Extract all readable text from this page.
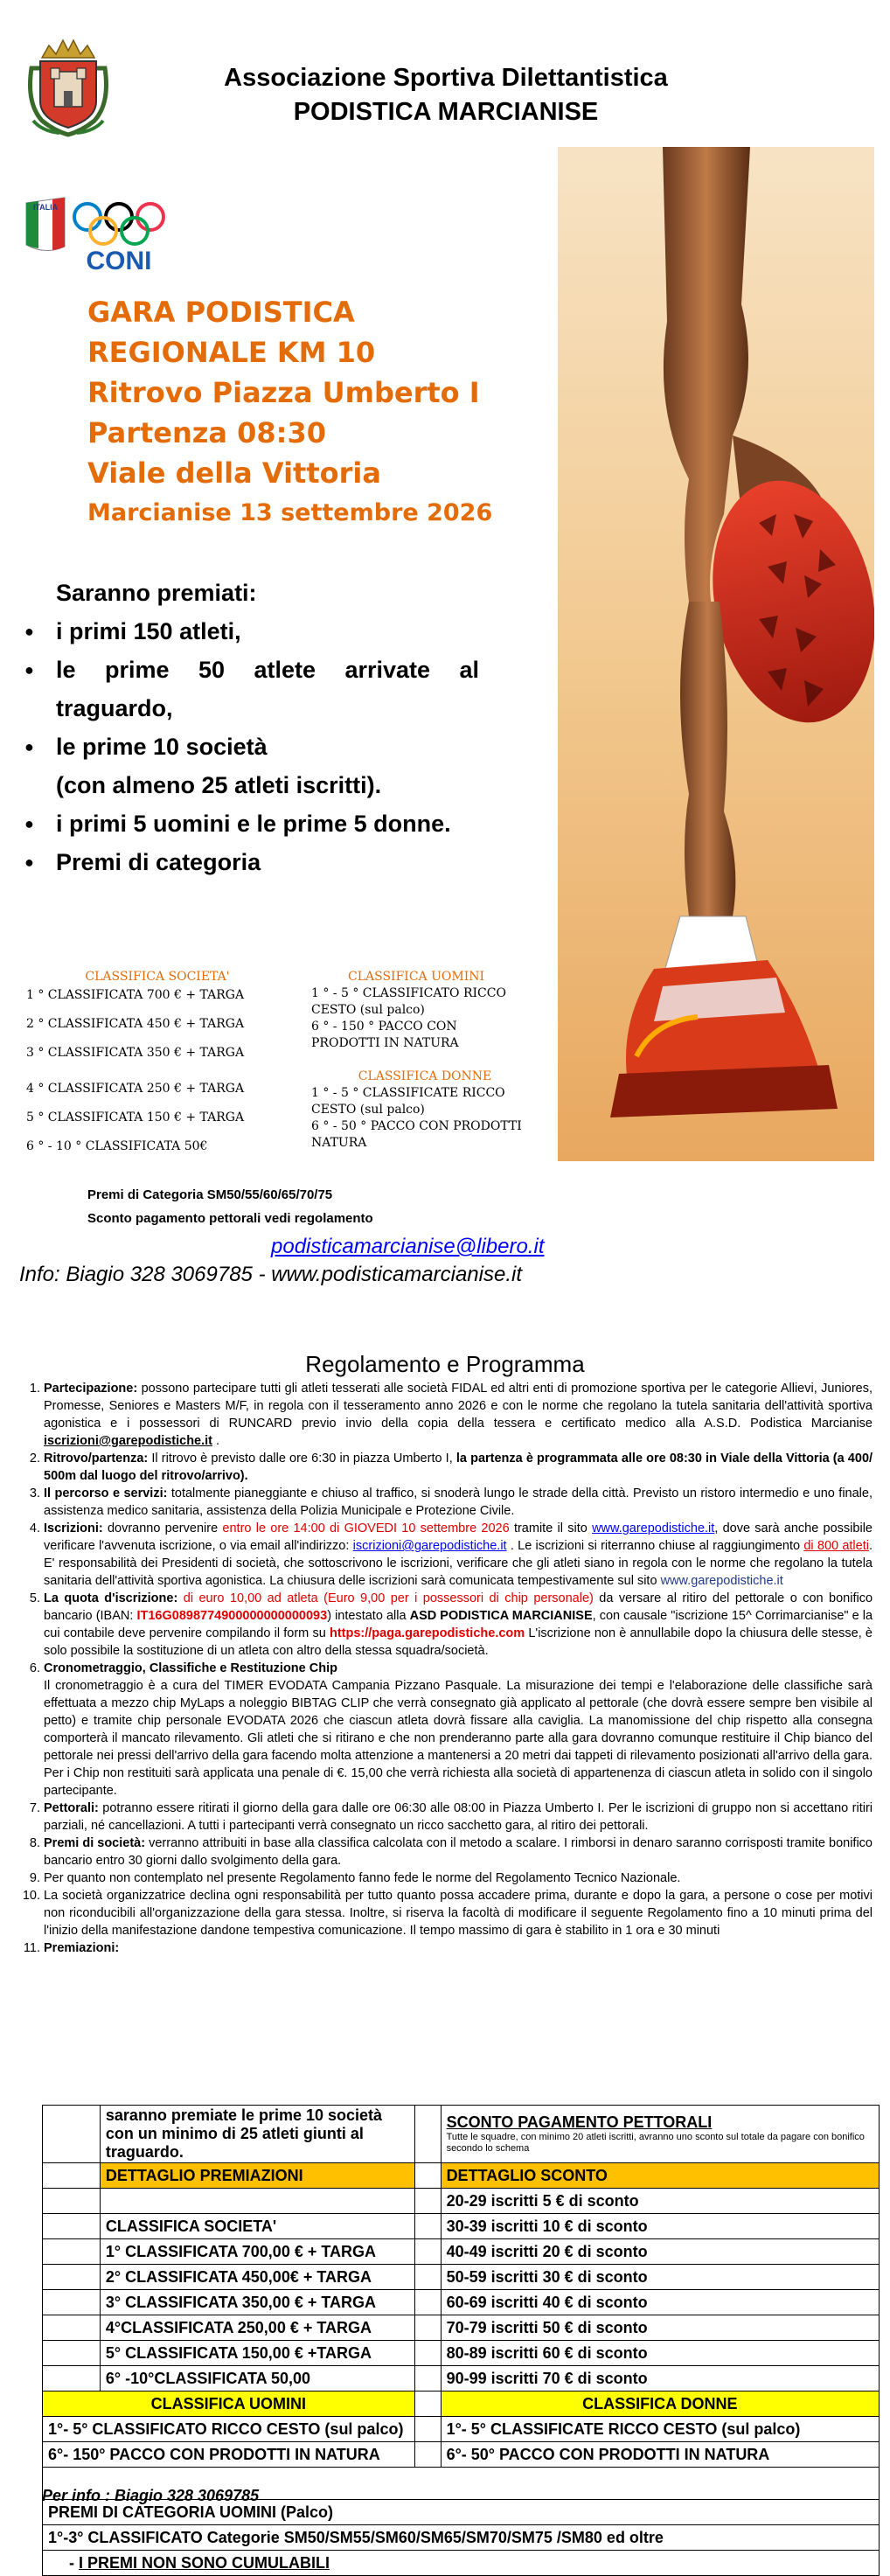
ITALIA
CONI
Associazione Sportiva Dilettantistica
PODISTICA MARCIANISE
GARA PODISTICA
REGIONALE KM 10
Ritrovo Piazza Umberto I
Partenza 08:30
Viale della Vittoria
Marcianise 13 settembre 2026
Saranno premiati:
● i primi 150 atleti,
● le prime 50 atlete arrivate al traguardo,
● le prime 10 società
(con almeno 25 atleti iscritti).
● i primi 5 uomini e le prime 5 donne.
● Premi di categoria
CLASSIFICA SOCIETA'
1 ° CLASSIFICATA 700 € + TARGA
2 ° CLASSIFICATA 450 € + TARGA
3 ° CLASSIFICATA 350 € + TARGA
4 ° CLASSIFICATA 250 € + TARGA
5 ° CLASSIFICATA 150 € + TARGA
6 ° - 10 ° CLASSIFICATA 50€
CLASSIFICA UOMINI
1 ° - 5 ° CLASSIFICATO RICCO CESTO (sul palco)
6 ° - 150 ° PACCO CON PRODOTTI IN NATURA
CLASSIFICA DONNE
1 ° - 5 ° CLASSIFICATE RICCO CESTO (sul palco)
6 ° - 50 ° PACCO CON PRODOTTI NATURA
Premi di Categoria SM50/55/60/65/70/75
Sconto pagamento pettorali vedi regolamento
podisticamarcianise@libero.it
Info: Biagio 328 3069785 - www.podisticamarcianise.it
Regolamento e Programma
1. Partecipazione: possono partecipare tutti gli atleti tesserati alle società FIDAL ed altri enti di promozione sportiva per le categorie Allievi, Juniores, Promesse, Seniores e Masters M/F, in regola con il tesseramento anno 2026 e con le norme che regolano la tutela sanitaria dell'attività sportiva agonistica e i possessori di RUNCARD previo invio della copia della tessera e certificato medico alla A.S.D. Podistica Marcianise iscrizioni@garepodistiche.it .
2. Ritrovo/partenza: Il ritrovo è previsto dalle ore 6:30 in piazza Umberto I, la partenza è programmata alle ore 08:30 in Viale della Vittoria (a 400/ 500m dal luogo del ritrovo/arrivo).
3. Il percorso e servizi: totalmente pianeggiante e chiuso al traffico, si snoderà lungo le strade della città. Previsto un ristoro intermedio e uno finale, assistenza medico sanitaria, assistenza della Polizia Municipale e Protezione Civile.
4. Iscrizioni: dovranno pervenire entro le ore 14:00 di GIOVEDI 10 settembre 2026 tramite il sito www.garepodistiche.it, dove sarà anche possibile verificare l'avvenuta iscrizione, o via email all'indirizzo: iscrizioni@garepodistiche.it . Le iscrizioni si riterranno chiuse al raggiungimento di 800 atleti. E' responsabilità dei Presidenti di società, che sottoscrivono le iscrizioni, verificare che gli atleti siano in regola con le norme che regolano la tutela sanitaria dell'attività sportiva agonistica. La chiusura delle iscrizioni sarà comunicata tempestivamente sul sito www.garepodistiche.it
5. La quota d'iscrizione: di euro 10,00 ad atleta (Euro 9,00 per i possessori di chip personale) da versare al ritiro del pettorale o con bonifico bancario (IBAN: IT16G0898774900000000000093) intestato alla ASD PODISTICA MARCIANISE, con causale "iscrizione 15^ Corrimarcianise" e la cui contabile deve pervenire compilando il form su https://paga.garepodistiche.com L'iscrizione non è annullabile dopo la chiusura delle stesse, è solo possibile la sostituzione di un atleta con altro della stessa squadra/società.
6. Cronometraggio, Classifiche e Restituzione Chip
Il cronometraggio è a cura del TIMER EVODATA Campania Pizzano Pasquale. La misurazione dei tempi e l'elaborazione delle classifiche sarà effettuata a mezzo chip MyLaps a noleggio BIBTAG CLIP che verrà consegnato già applicato al pettorale (che dovrà essere sempre ben visibile al petto) e tramite chip personale EVODATA 2026 che ciascun atleta dovrà fissare alla caviglia. La manomissione del chip rispetto alla consegna comporterà il mancato rilevamento. Gli atleti che si ritirano e che non prenderanno parte alla gara dovranno comunque restituire il Chip bianco del pettorale nei pressi dell'arrivo della gara facendo molta attenzione a mantenersi a 20 metri dai tappeti di rilevamento posizionati all'arrivo della gara. Per i Chip non restituiti sarà applicata una penale di €. 15,00 che verrà richiesta alla società di appartenenza di ciascun atleta in solido con il singolo partecipante.
7. Pettorali: potranno essere ritirati il giorno della gara dalle ore 06:30 alle 08:00 in Piazza Umberto I. Per le iscrizioni di gruppo non si accettano ritiri parziali, né cancellazioni. A tutti i partecipanti verrà consegnato un ricco sacchetto gara, al ritiro dei pettorali.
8. Premi di società: verranno attribuiti in base alla classifica calcolata con il metodo a scalare. I rimborsi in denaro saranno corrisposti tramite bonifico bancario entro 30 giorni dallo svolgimento della gara.
9. Per quanto non contemplato nel presente Regolamento fanno fede le norme del Regolamento Tecnico Nazionale.
10. La società organizzatrice declina ogni responsabilità per tutto quanto possa accadere prima, durante e dopo la gara, a persone o cose per motivi non riconducibili all'organizzazione della gara stessa. Inoltre, si riserva la facoltà di modificare il seguente Regolamento fino a 10 minuti prima del l'inizio della manifestazione dandone tempestiva comunicazione. Il tempo massimo di gara è stabilito in 1 ora e 30 minuti
11. Premiazioni:
	saranno premiate le prime 10 società con un minimo di 25 atleti giunti al traguardo.		SCONTO PAGAMENTO PETTORALI
Tutte le squadre, con minimo 20 atleti iscritti, avranno uno sconto sul totale da pagare con bonifico secondo lo schema

	DETTAGLIO PREMIAZIONI		DETTAGLIO SCONTO
			20-29 iscritti 5 € di sconto
	CLASSIFICA SOCIETA'		30-39 iscritti 10 € di sconto
	1° CLASSIFICATA 700,00 € + TARGA		40-49 iscritti 20 € di sconto
	2° CLASSIFICATA 450,00€ + TARGA		50-59 iscritti 30 € di sconto
	3° CLASSIFICATA 350,00 € + TARGA		60-69 iscritti 40 € di sconto
	4°CLASSIFICATA 250,00 € + TARGA		70-79 iscritti 50 € di sconto
	5° CLASSIFICATA 150,00 € +TARGA		80-89 iscritti 60 € di sconto
	6° -10°CLASSIFICATA 50,00		90-99 iscritti 70 € di sconto
CLASSIFICA UOMINI			CLASSIFICA DONNE
1°- 5° CLASSIFICATO RICCO CESTO (sul palco)			1°- 5° CLASSIFICATE RICCO CESTO (sul palco)
6°- 150° PACCO CON PRODOTTI IN NATURA			6°- 50° PACCO CON PRODOTTI IN NATURA

PREMI DI CATEGORIA UOMINI (Palco)			
1°-3° CLASSIFICATO Categorie SM50/SM55/SM60/SM65/SM70/SM75 /SM80 ed oltre			
- I PREMI NON SONO CUMULABILI			
Per info : Biagio 328 3069785
